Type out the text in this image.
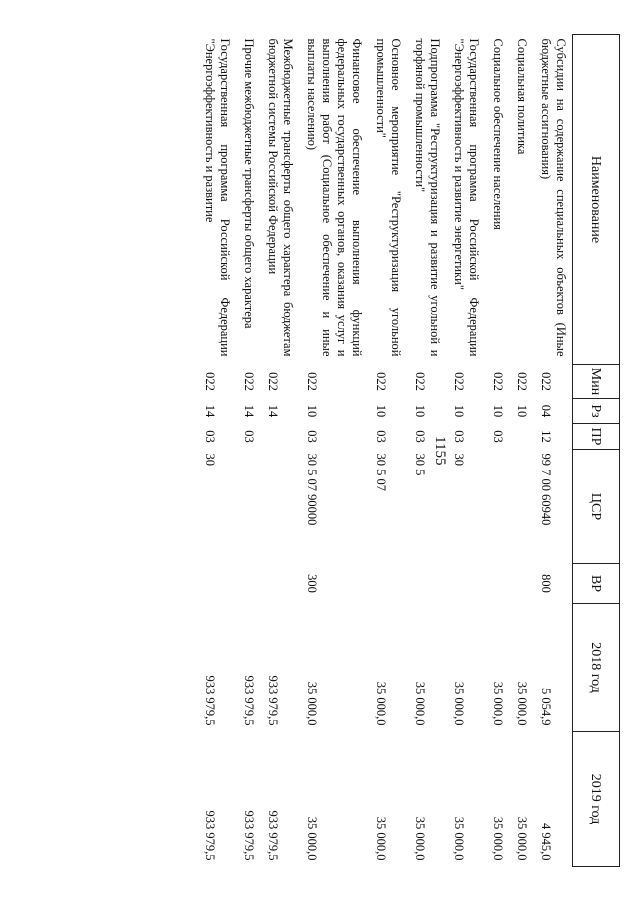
1155
Наименование	Мин	Рз	ПР	ЦСР	ВР	2018 год	2019 год
Субсидии на содержание специальных объектов (Иные бюджетные ассигнования)	022	04	12	99 7 00 60940	800	5 054,9	4 945,0
Социальная политика	022	10				35 000,0	35 000,0
Социальное обеспечение населения	022	10	03			35 000,0	35 000,0
Государственная программа Российской Федерации "Энергоэффективность и развитие энергетики"	022	10	03	30		35 000,0	35 000,0
Подпрограмма "Реструктуризация и развитие угольной и торфяной промышленности"	022	10	03	30 5		35 000,0	35 000,0
Основное мероприятие "Реструктуризация угольной промышленности"	022	10	03	30 5 07		35 000,0	35 000,0
Финансовое обеспечение выполнения функций федеральных государственных органов, оказания услуг и выполнения работ (Социальное обеспечение и иные выплаты населению)	022	10	03	30 5 07 90000	300	35 000,0	35 000,0
Межбюджетные трансферты общего характера бюджетам бюджетной системы Российской Федерации	022	14				933 979,5	933 979,5
Прочие межбюджетные трансферты общего характера	022	14	03			933 979,5	933 979,5
Государственная программа Российской Федерации "Энергоэффективность и развитие	022	14	03	30		933 979,5	933 979,5
